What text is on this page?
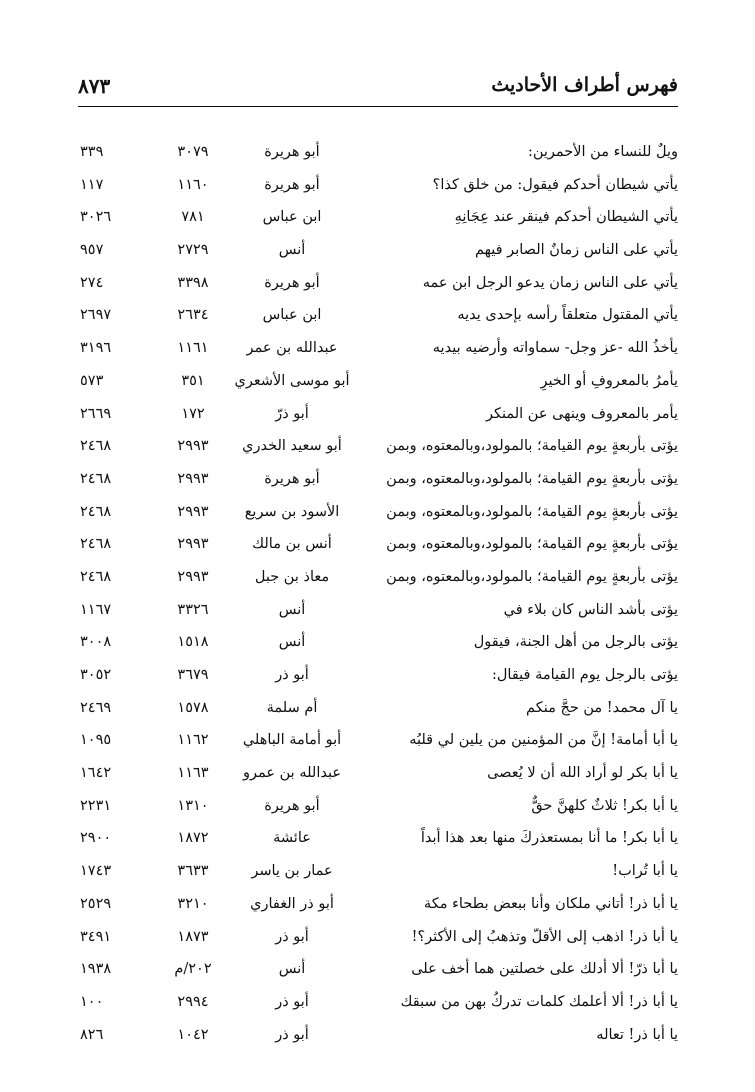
فهرس أطراف الأحاديث
٨٧٣
ويلٌ للنساء من الأحمرين:
أبو هريرة
٣٠٧٩
٣٣٩
يأتي شيطان أحدكم فيقول: من خلق كذا؟
أبو هريرة
١١٦٠
١١٧
يأتي الشيطان أحدكم فينقر عند عِجَانِهِ
ابن عباس
٧٨١
٣٠٢٦
يأتي على الناس زمانٌ الصابر فيهم
أنس
٢٧٢٩
٩٥٧
يأتي على الناس زمان يدعو الرجل ابن عمه
أبو هريرة
٣٣٩٨
٢٧٤
يأتي المقتول متعلقاً رأسه بإحدى يديه
ابن عباس
٢٦٣٤
٢٦٩٧
يأخذُ الله -عز وجل- سماواته وأرضيه بيديه
عبدالله بن عمر
١١٦١
٣١٩٦
يأمرُ بالمعروفِ أو الخيرِ
أبو موسى الأشعري
٣٥١
٥٧٣
يأمر بالمعروف وينهى عن المنكر
أبو ذرّ
١٧٢
٢٦٦٩
يؤتى بأربعةٍ يوم القيامة؛ بالمولود،وبالمعتوه، وبمن
أبو سعيد الخدري
٢٩٩٣
٢٤٦٨
يؤتى بأربعةٍ يوم القيامة؛ بالمولود،وبالمعتوه، وبمن
أبو هريرة
٢٩٩٣
٢٤٦٨
يؤتى بأربعةٍ يوم القيامة؛ بالمولود،وبالمعتوه، وبمن
الأسود بن سريع
٢٩٩٣
٢٤٦٨
يؤتى بأربعةٍ يوم القيامة؛ بالمولود،وبالمعتوه، وبمن
أنس بن مالك
٢٩٩٣
٢٤٦٨
يؤتى بأربعةٍ يوم القيامة؛ بالمولود،وبالمعتوه، وبمن
معاذ بن جبل
٢٩٩٣
٢٤٦٨
يؤتى بأشد الناس كان بلاء في
أنس
٣٣٢٦
١١٦٧
يؤتى بالرجل من أهل الجنة، فيقول
أنس
١٥١٨
٣٠٠٨
يؤتى بالرجل يوم القيامة فيقال:
أبو ذر
٣٦٧٩
٣٠٥٢
يا آل محمد! من حجَّ منكم
أم سلمة
١٥٧٨
٢٤٦٩
يا أبا أمامة! إنَّ من المؤمنين من يلين لي قلبُه
أبو أمامة الباهلي
١١٦٢
١٠٩٥
يا أبا بكر لو أراد الله أن لا يُعصى
عبدالله بن عمرو
١١٦٣
١٦٤٢
يا أبا بكر! ثلاثٌ كلهنَّ حقٌّ
أبو هريرة
١٣١٠
٢٢٣١
يا أبا بكر! ما أنا بمستعذركَ منها بعد هذا أبداً
عائشة
١٨٧٢
٢٩٠٠
يا أبا تُراب!
عمار بن ياسر
٣٦٣٣
١٧٤٣
يا أبا ذر! أتاني ملكان وأنا ببعض بطحاء مكة
أبو ذر الغفاري
٣٢١٠
٢٥٢٩
يا أبا ذر! اذهب إلى الأقلّ وتذهبُ إلى الأكثر؟!
أبو ذر
١٨٧٣
٣٤٩١
يا أبا ذرّ! ألا أدلك على خصلتين هما أخف على
أنس
٢٠٢/م
١٩٣٨
يا أبا ذر! ألا أعلمك كلمات تدركُ بهن من سبقك
أبو ذر
٢٩٩٤
١٠٠
يا أبا ذر! تعاله
أبو ذر
١٠٤٢
٨٢٦
